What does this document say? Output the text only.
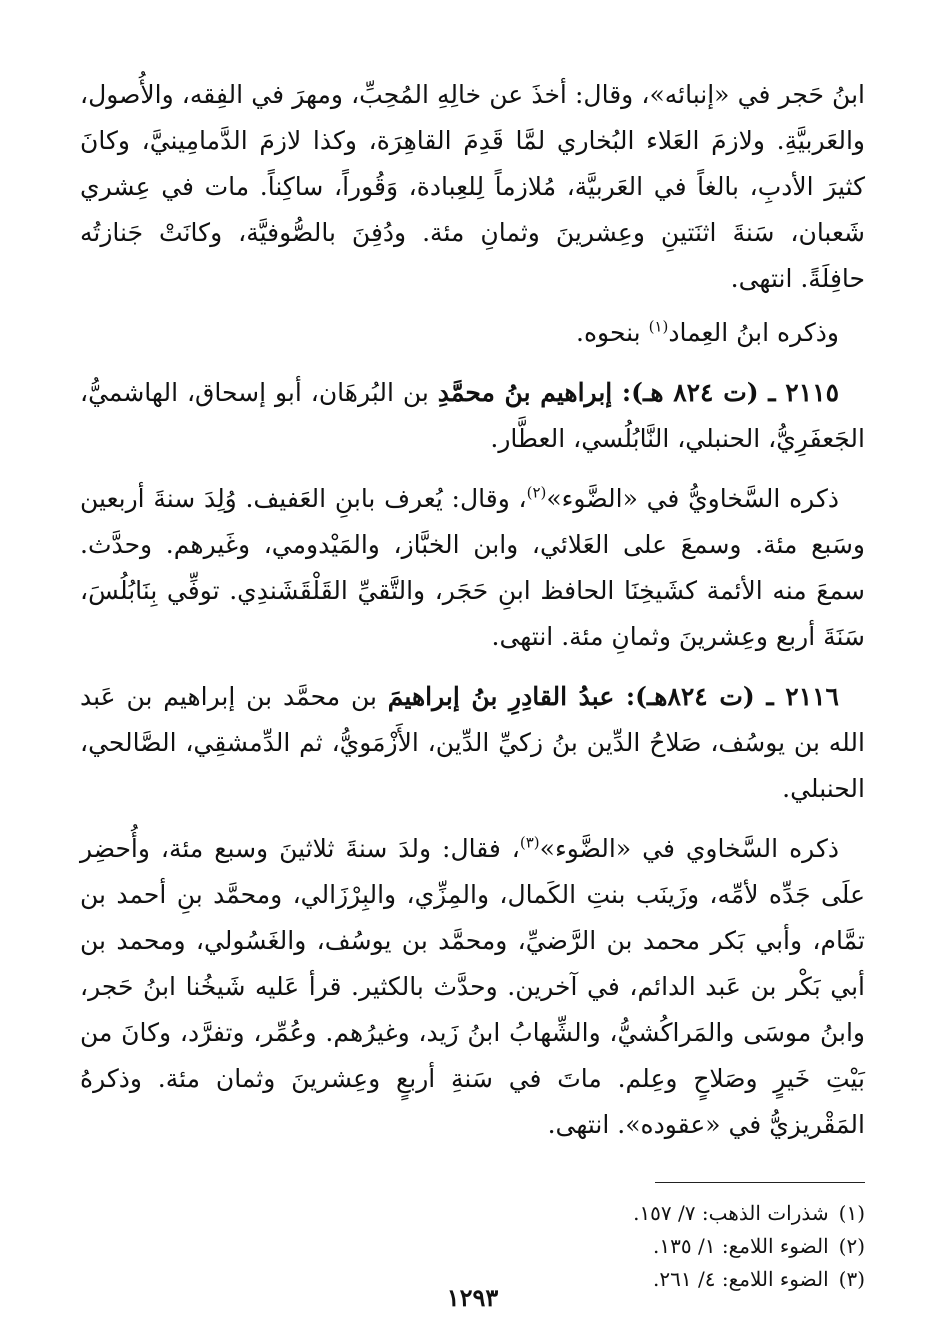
ابنُ حَجر في «إنبائه»، وقال: أخذَ عن خالِهِ المُحِبِّ، ومهرَ في الفِقه، والأُصول، والعَربيَّةِ. ولازمَ العَلاء البُخاري لمَّا قَدِمَ القاهِرَة، وكذا لازمَ الدَّمامِينيَّ، وكانَ كثيرَ الأدبِ، بالغاً في العَربيَّة، مُلازماً لِلعِبادة، وَقُوراً، ساكِناً. مات في عِشري شَعبان، سَنةَ اثنَتينِ وعِشرينَ وثمانِ مئة. ودُفِنَ بالصُّوفيَّة، وكانَتْ جَنازتُه حافِلَةً. انتهى.

وذكره ابنُ العِماد$^{(١)}$ بنحوه.

٢١١٥ ـ (ت ٨٢٤ هـ): إبراهيم بنُ محمَّدِ بن البُرهَان، أبو إسحاق، الهاشميُّ، الجَعفَرِيُّ، الحنبلي، النَّابُلُسي، العطَّار.

ذكره السَّخاويُّ في «الضَّوء»$^{(٢)}$، وقال: يُعرف بابنِ العَفيف. وُلِدَ سنةَ أربعين وسَبع مئة. وسمعَ على العَلائي، وابن الخبَّاز، والمَيْدومي، وغَيرهم. وحدَّث. سمعَ منه الأئمة كشَيخِنَا الحافظ ابنِ حَجَر، والتَّقيِّ القَلْقَشَندِي. توفِّي بِنَابُلُسَ، سَنَةَ أربع وعِشرينَ وثمانِ مئة. انتهى.

٢١١٦ ـ (ت ٨٢٤هـ): عبدُ القادِرِ بنُ إبراهيمَ بن محمَّد بن إبراهيم بن عَبد الله بن يوسُف، صَلاحُ الدِّين بنُ زكيِّ الدِّين، الأَزْمَويُّ، ثم الدِّمشقِي، الصَّالحي، الحنبلي.

ذكره السَّخاوي في «الضَّوء»$^{(٣)}$، فقال: ولدَ سنةَ ثلاثينَ وسبع مئة، وأُحضِر علَى جَدِّه لأمِّه، وزَينَب بنتِ الكَمال، والمِزِّي، والبِرْزَالي، ومحمَّد بنِ أحمد بن تمَّام، وأبي بَكر محمد بن الرَّضيِّ، ومحمَّد بن يوسُف، والغَسُولي، ومحمد بن أبي بَكْر بن عَبد الدائم، في آخرين. وحدَّث بالكثير. قرأ عَليه شَيخُنا ابنُ حَجر، وابنُ موسَى والمَراكُشيُّ، والشِّهابُ ابنُ زَيد، وغيرُهم. وعُمِّر، وتفرَّد، وكانَ من بَيْتِ خَيرٍ وصَلاحٍ وعِلم. ماتَ في سَنةِ أربعٍ وعِشرينَ وثمان مئة. وذكرهُ المَقْريزيُّ في «عقوده». انتهى.

(١)
شذرات الذهب: ٧/ ١٥٧.
(٢)
الضوء اللامع: ١/ ١٣٥.
(٣)
الضوء اللامع: ٤/ ٢٦١.
١٢٩٣
